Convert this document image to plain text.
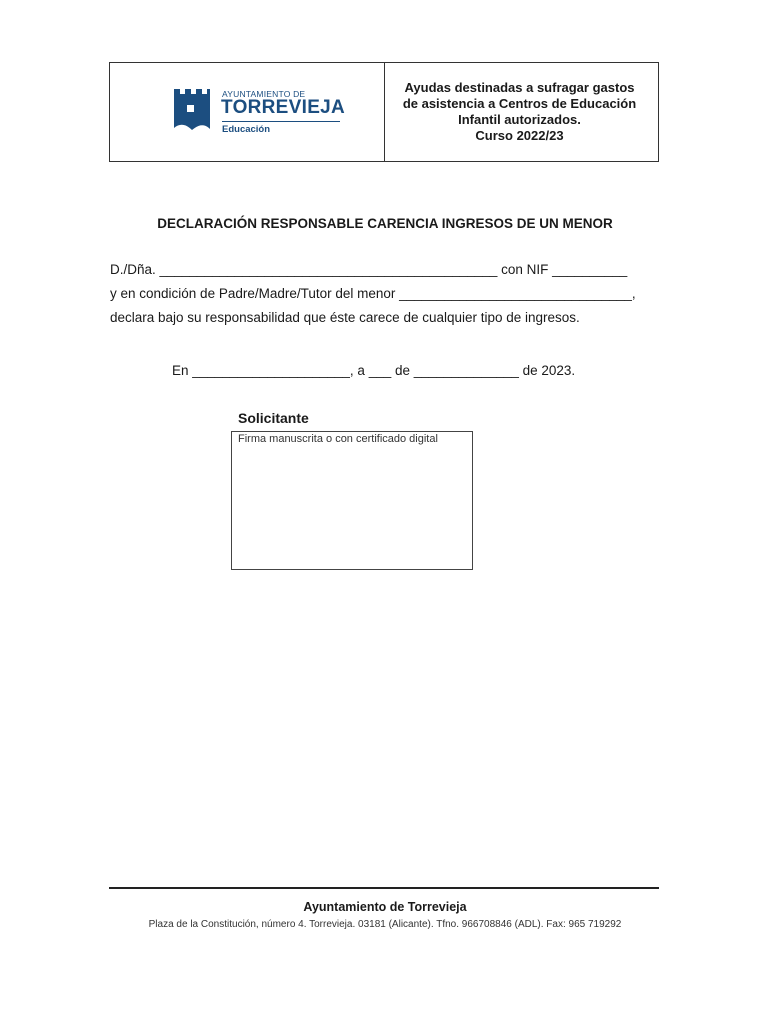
AYUNTAMIENTO DE
TORREVIEJA
Educación
Ayudas destinadas a sufragar gastos
de asistencia a Centros de Educación
Infantil autorizados.
Curso 2022/23
DECLARACIÓN RESPONSABLE CARENCIA INGRESOS DE UN MENOR
D./Dña. _____________________________________________ con NIF __________
y en condición de Padre/Madre/Tutor del menor _______________________________,
declara bajo su responsabilidad que éste carece de cualquier tipo de ingresos.
En _____________________, a ___ de ______________ de 2023.
Solicitante
Firma manuscrita o con certificado digital
Ayuntamiento de Torrevieja
Plaza de la Constitución, número 4. Torrevieja. 03181 (Alicante). Tfno. 966708846 (ADL). Fax: 965 719292
